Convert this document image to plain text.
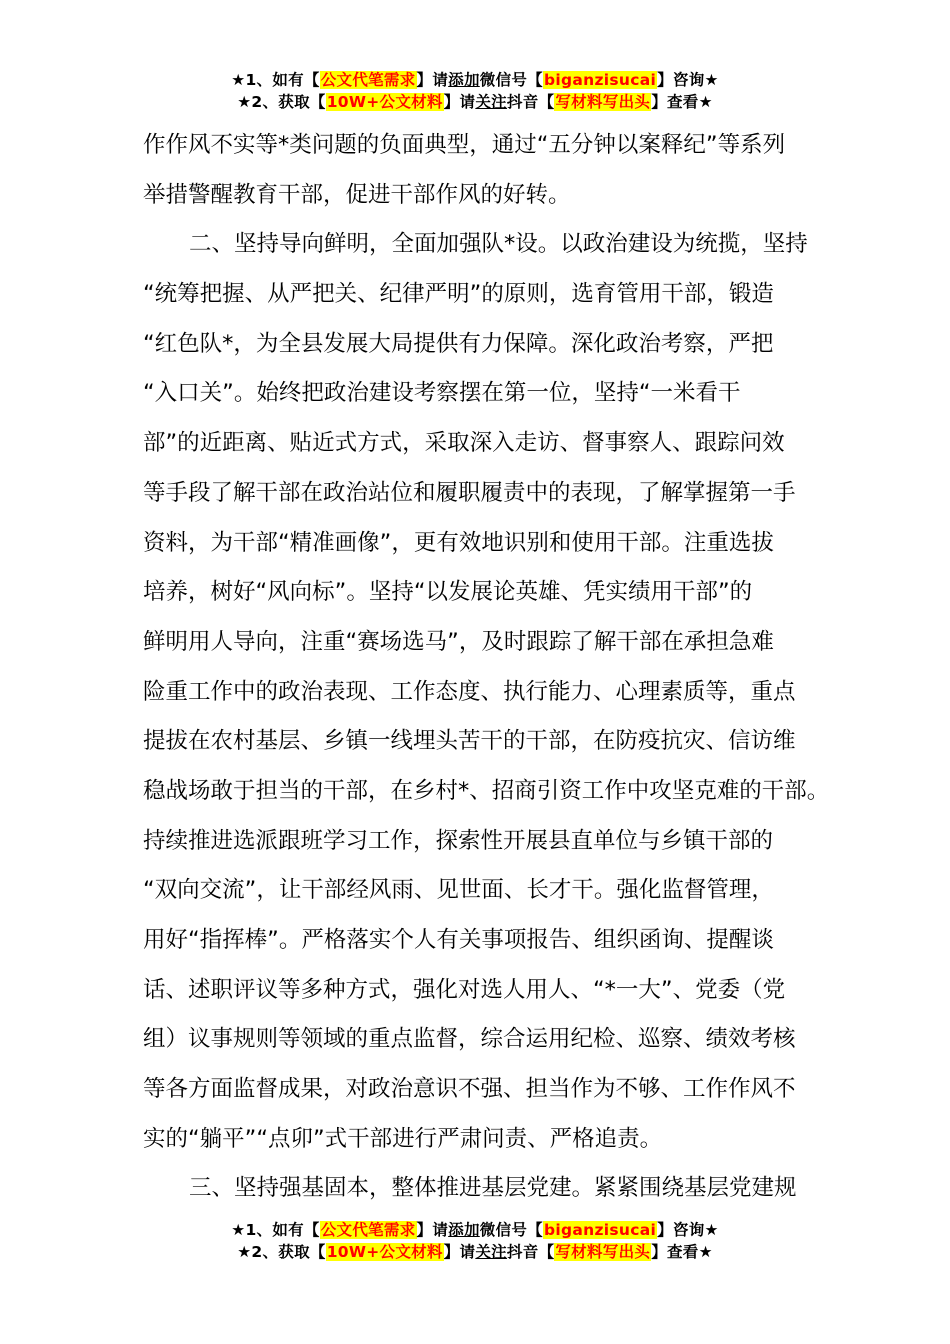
★1、如有【公文代笔需求】请添加微信号【biganzisucai】咨询★
★2、获取【10W+公文材料】请关注抖音【写材料写出头】查看★
作作风不实等*类问题的负面典型，通过“五分钟以案释纪”等系列
举措警醒教育干部，促进干部作风的好转。
二、坚持导向鲜明，全面加强队*设。以政治建设为统揽，坚持
“统筹把握、从严把关、纪律严明”的原则，选育管用干部，锻造
“红色队*，为全县发展大局提供有力保障。深化政治考察，严把
“入口关”。始终把政治建设考察摆在第一位，坚持“一米看干
部”的近距离、贴近式方式，采取深入走访、督事察人、跟踪问效
等手段了解干部在政治站位和履职履责中的表现，了解掌握第一手
资料，为干部“精准画像”，更有效地识别和使用干部。注重选拔
培养，树好“风向标”。坚持“以发展论英雄、凭实绩用干部”的
鲜明用人导向，注重“赛场选马”，及时跟踪了解干部在承担急难
险重工作中的政治表现、工作态度、执行能力、心理素质等，重点
提拔在农村基层、乡镇一线埋头苦干的干部，在防疫抗灾、信访维
稳战场敢于担当的干部，在乡村*、招商引资工作中攻坚克难的干部。
持续推进选派跟班学习工作，探索性开展县直单位与乡镇干部的
“双向交流”，让干部经风雨、见世面、长才干。强化监督管理，
用好“指挥棒”。严格落实个人有关事项报告、组织函询、提醒谈
话、述职评议等多种方式，强化对选人用人、“*一大”、党委（党
组）议事规则等领域的重点监督，综合运用纪检、巡察、绩效考核
等各方面监督成果，对政治意识不强、担当作为不够、工作作风不
实的“躺平”“点卯”式干部进行严肃问责、严格追责。
三、坚持强基固本，整体推进基层党建。紧紧围绕基层党建规
★1、如有【公文代笔需求】请添加微信号【biganzisucai】咨询★
★2、获取【10W+公文材料】请关注抖音【写材料写出头】查看★
